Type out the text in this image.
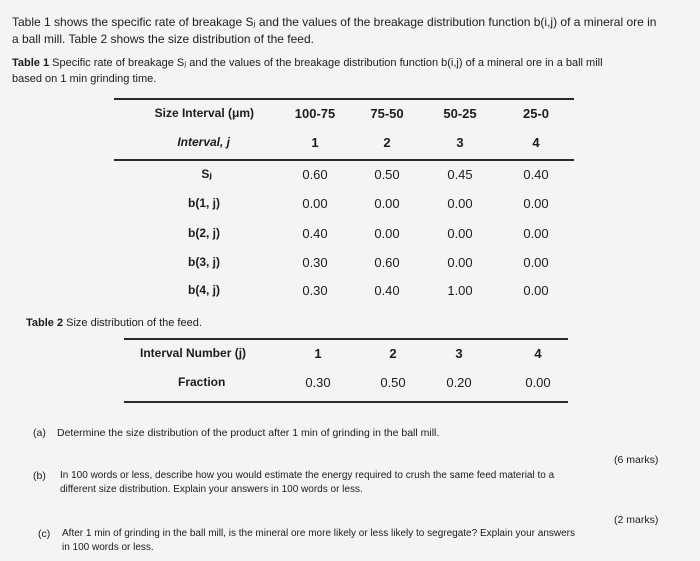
Table 1 shows the specific rate of breakage Sⱼ and the values of the breakage distribution function b(i,j) of a mineral ore in
a ball mill. Table 2 shows the size distribution of the feed.
Table 1 Specific rate of breakage Sⱼ and the values of the breakage distribution function b(i,j) of a mineral ore in a ball mill
based on 1 min grinding time.
Size Interval (μm)	100-75	75-50	50-25	25-0
Interval, j	1	2	3	4
Sⱼ	0.60	0.50	0.45	0.40
b(1, j)	0.00	0.00	0.00	0.00
b(2, j)	0.40	0.00	0.00	0.00
b(3, j)	0.30	0.60	0.00	0.00
b(4, j)	0.30	0.40	1.00	0.00
Table 2 Size distribution of the feed.
Interval Number (j)	1	2	3	4
Fraction	0.30	0.50	0.20	0.00
(a) Determine the size distribution of the product after 1 min of grinding in the ball mill.
(6 marks)
(b) In 100 words or less, describe how you would estimate the energy required to crush the same feed material to a
different size distribution. Explain your answers in 100 words or less.
(2 marks)
(c) After 1 min of grinding in the ball mill, is the mineral ore more likely or less likely to segregate? Explain your answers
in 100 words or less.
